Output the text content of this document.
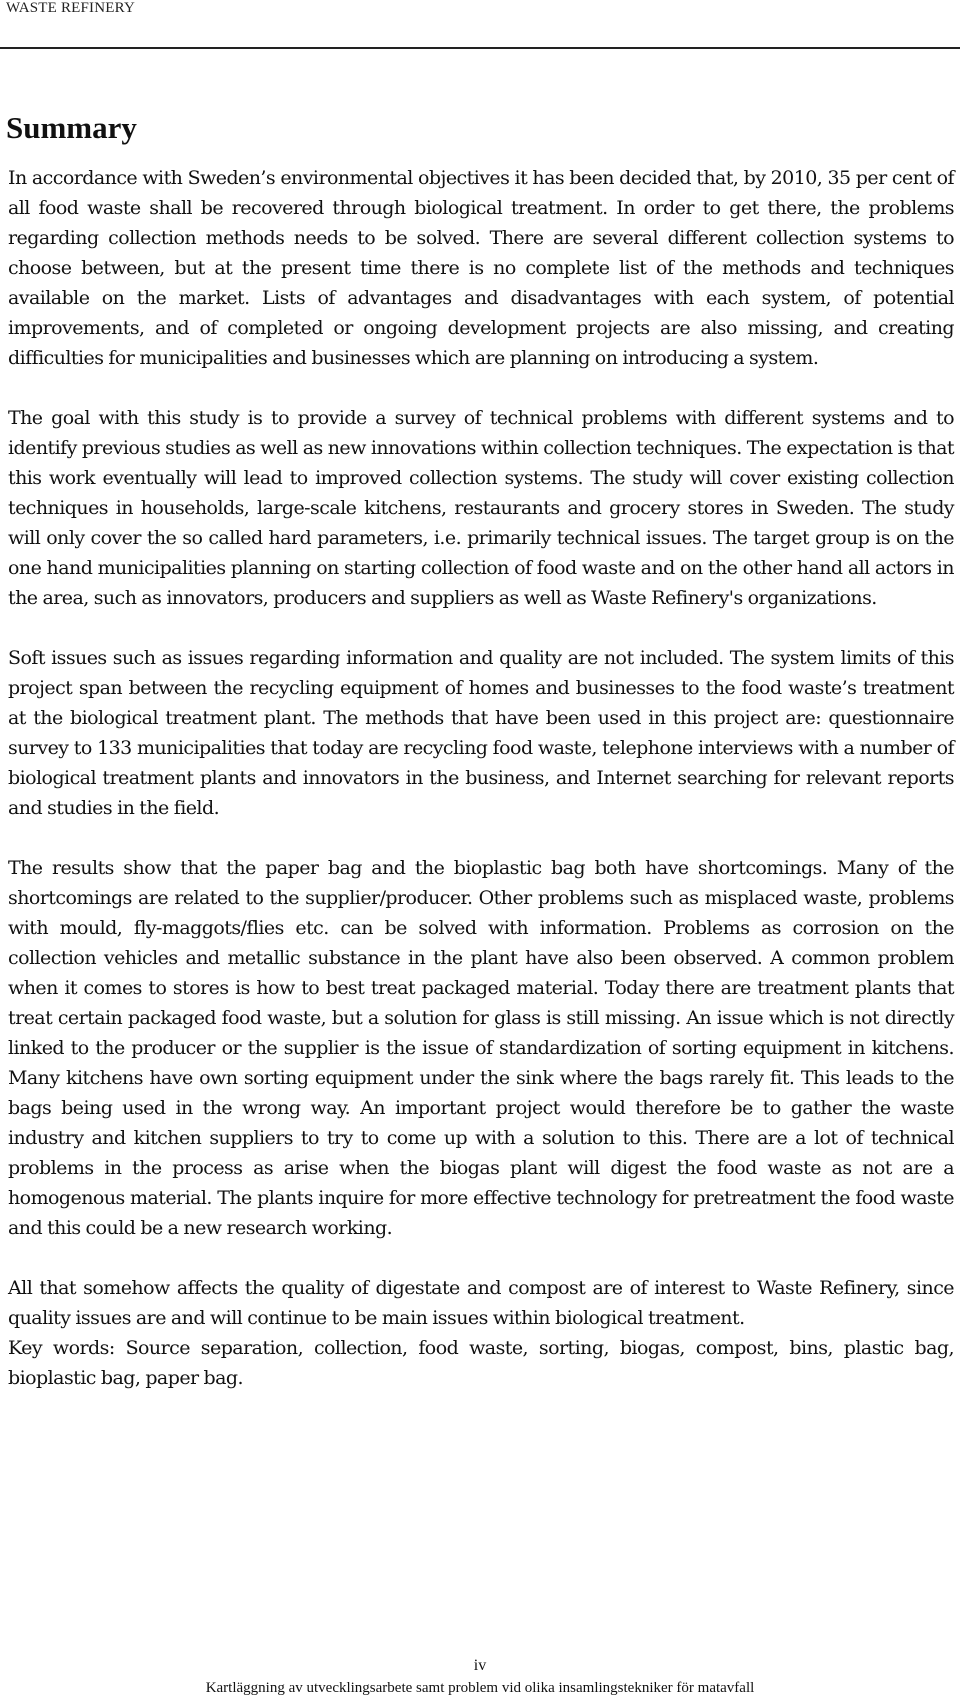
WASTE REFINERY
Summary

In accordance with Sweden’s environmental objectives it has been decided that, by 2010, 35 per cent of all food waste shall be recovered through biological treatment. In order to get there, the problems regarding collection methods needs to be solved. There are several different collection systems to choose between, but at the present time there is no complete list of the methods and techniques available on the market. Lists of advantages and disadvantages with each system, of potential improvements, and of completed or ongoing development projects are also missing, and creating difficulties for municipalities and businesses which are planning on introducing a system.

The goal with this study is to provide a survey of technical problems with different systems and to identify previous studies as well as new innovations within collection techniques. The expectation is that this work eventually will lead to improved collection systems. The study will cover existing collection techniques in households, large-scale kitchens, restaurants and grocery stores in Sweden. The study will only cover the so called hard parameters, i.e. primarily technical issues. The target group is on the one hand municipalities planning on starting collection of food waste and on the other hand all actors in the area, such as innovators, producers and suppliers as well as Waste Refinery's organizations.

Soft issues such as issues regarding information and quality are not included. The system limits of this project span between the recycling equipment of homes and businesses to the food waste’s treatment at the biological treatment plant. The methods that have been used in this project are: questionnaire survey to 133 municipalities that today are recycling food waste, telephone interviews with a number of biological treatment plants and innovators in the business, and Internet searching for relevant reports and studies in the field.

The results show that the paper bag and the bioplastic bag both have shortcomings. Many of the shortcomings are related to the supplier/producer. Other problems such as misplaced waste, problems with mould, fly-maggots/flies etc. can be solved with information. Problems as corrosion on the collection vehicles and metallic substance in the plant have also been observed. A common problem when it comes to stores is how to best treat packaged material. Today there are treatment plants that treat certain packaged food waste, but a solution for glass is still missing. An issue which is not directly linked to the producer or the supplier is the issue of standardization of sorting equipment in kitchens. Many kitchens have own sorting equipment under the sink where the bags rarely fit. This leads to the bags being used in the wrong way. An important project would therefore be to gather the waste industry and kitchen suppliers to try to come up with a solution to this. There are a lot of technical problems in the process as arise when the biogas plant will digest the food waste as not are a homogenous material. The plants inquire for more effective technology for pretreatment the food waste and this could be a new research working.

All that somehow affects the quality of digestate and compost are of interest to Waste Refinery, since quality issues are and will continue to be main issues within biological treatment.

Key words: Source separation, collection, food waste, sorting, biogas, compost, bins, plastic bag, bioplastic bag, paper bag.

iv
Kartläggning av utvecklingsarbete samt problem vid olika insamlingstekniker för matavfall
